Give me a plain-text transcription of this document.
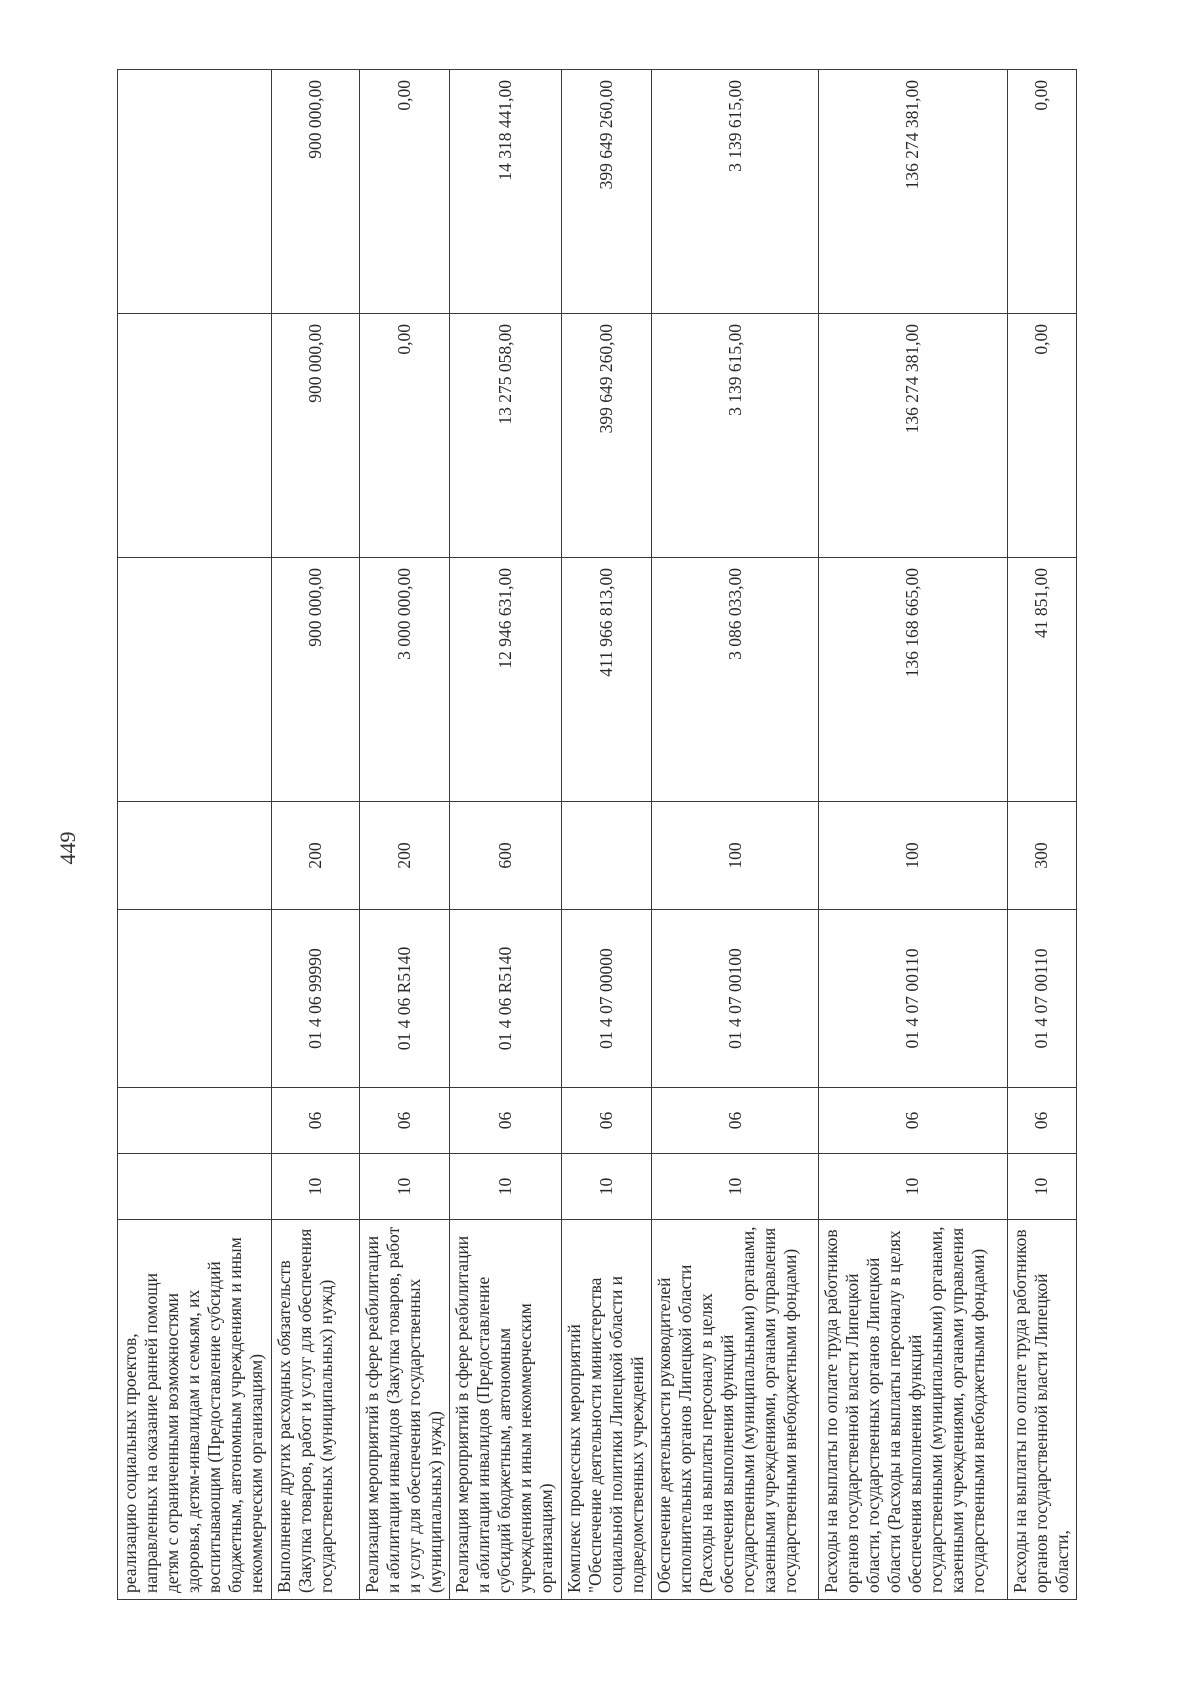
449
реализацию социальных проектов, направленных на оказание ранней помощи детям с ограниченными возможностями здоровья, детям-инвалидам и семьям, их воспитывающим (Предоставление субсидий бюджетным, автономным учреждениям и иным некоммерческим организациям)							
Выполнение других расходных обязательств (Закупка товаров, работ и услуг для обеспечения государственных (муниципальных) нужд)	10	06	01 4 06 99990	200	900 000,00	900 000,00	900 000,00
Реализация мероприятий в сфере реабилитации и абилитации инвалидов (Закупка товаров, работ и услуг для обеспечения государственных (муниципальных) нужд)	10	06	01 4 06 R5140	200	3 000 000,00	0,00	0,00
Реализация мероприятий в сфере реабилитации и абилитации инвалидов (Предоставление субсидий бюджетным, автономным учреждениям и иным некоммерческим организациям)	10	06	01 4 06 R5140	600	12 946 631,00	13 275 058,00	14 318 441,00
Комплекс процессных мероприятий "Обеспечение деятельности министерства социальной политики Липецкой области и подведомственных учреждений	10	06	01 4 07 00000		411 966 813,00	399 649 260,00	399 649 260,00
Обеспечение деятельности руководителей исполнительных органов Липецкой области (Расходы на выплаты персоналу в целях обеспечения выполнения функций государственными (муниципальными) органами, казенными учреждениями, органами управления государственными внебюджетными фондами)	10	06	01 4 07 00100	100	3 086 033,00	3 139 615,00	3 139 615,00
Расходы на выплаты по оплате труда работников органов государственной власти Липецкой области, государственных органов Липецкой области (Расходы на выплаты персоналу в целях обеспечения выполнения функций государственными (муниципальными) органами, казенными учреждениями, органами управления государственными внебюджетными фондами)	10	06	01 4 07 00110	100	136 168 665,00	136 274 381,00	136 274 381,00
Расходы на выплаты по оплате труда работников органов государственной власти Липецкой области,	10	06	01 4 07 00110	300	41 851,00	0,00	0,00
